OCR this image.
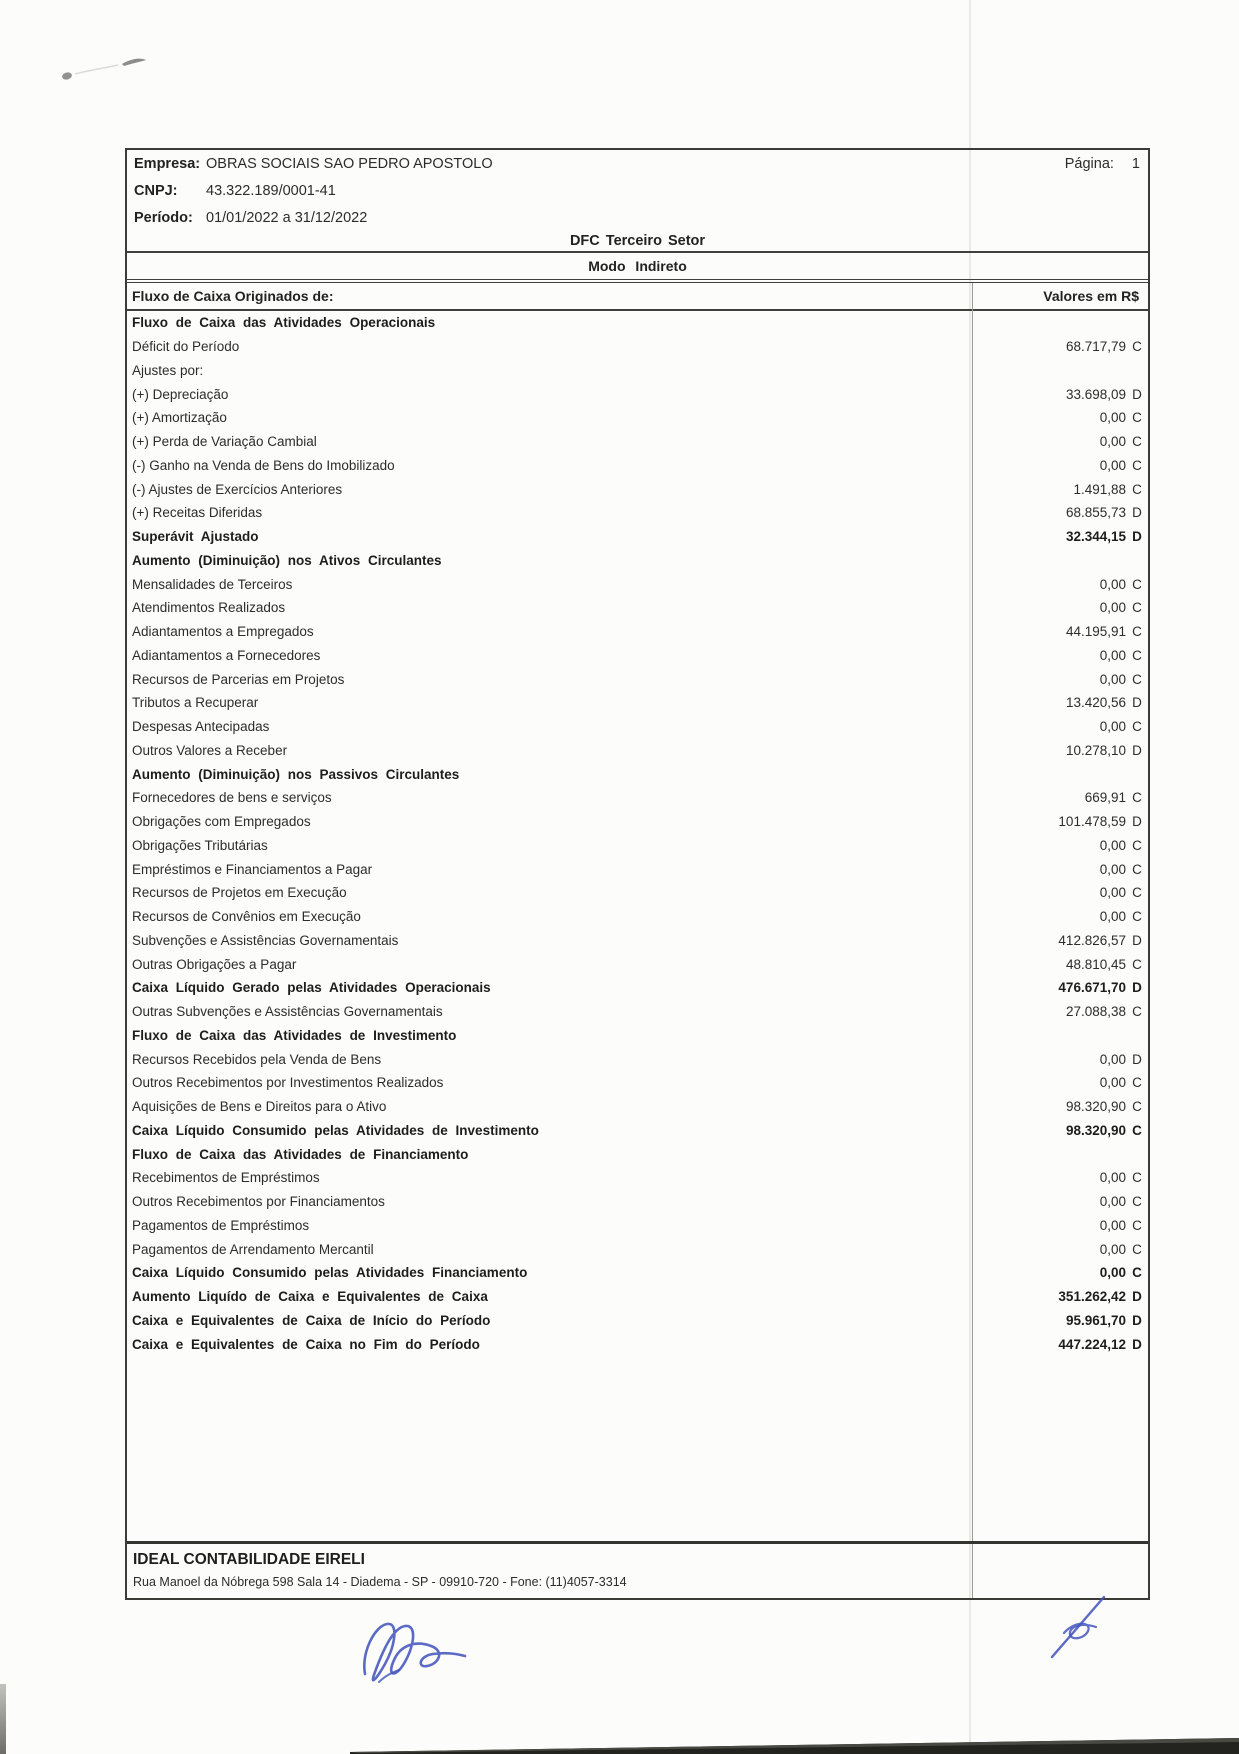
Empresa: OBRAS SOCIAIS SAO PEDRO APOSTOLO	Página: 1
CNPJ:	43.322.189/0001-41
Período: 01/01/2022 a 31/12/2022
DFC Terceiro Setor
Modo Indireto
Fluxo de Caixa Originados de:	Valores em R$
Fluxo de Caixa das Atividades Operacionais
Déficit do Período	68.717,79 C
Ajustes por:
(+) Depreciação	33.698,09 D
(+) Amortização	0,00 C
(+) Perda de Variação Cambial	0,00 C
(-) Ganho na Venda de Bens do Imobilizado	0,00 C
(-) Ajustes de Exercícios Anteriores	1.491,88 C
(+) Receitas Diferidas	68.855,73 D
Superávit Ajustado	32.344,15 D
Aumento (Diminuição) nos Ativos Circulantes
Mensalidades de Terceiros	0,00 C
Atendimentos Realizados	0,00 C
Adiantamentos a Empregados	44.195,91 C
Adiantamentos a Fornecedores	0,00 C
Recursos de Parcerias em Projetos	0,00 C
Tributos a Recuperar	13.420,56 D
Despesas Antecipadas	0,00 C
Outros Valores a Receber	10.278,10 D
Aumento (Diminuição) nos Passivos Circulantes
Fornecedores de bens e serviços	669,91 C
Obrigações com Empregados	101.478,59 D
Obrigações Tributárias	0,00 C
Empréstimos e Financiamentos a Pagar	0,00 C
Recursos de Projetos em Execução	0,00 C
Recursos de Convênios em Execução	0,00 C
Subvenções e Assistências Governamentais	412.826,57 D
Outras Obrigações a Pagar	48.810,45 C
Caixa Líquido Gerado pelas Atividades Operacionais	476.671,70 D
Outras Subvenções e Assistências Governamentais	27.088,38 C
Fluxo de Caixa das Atividades de Investimento
Recursos Recebidos pela Venda de Bens	0,00 D
Outros Recebimentos por Investimentos Realizados	0,00 C
Aquisições de Bens e Direitos para o Ativo	98.320,90 C
Caixa Líquido Consumido pelas Atividades de Investimento	98.320,90 C
Fluxo de Caixa das Atividades de Financiamento
Recebimentos de Empréstimos	0,00 C
Outros Recebimentos por Financiamentos	0,00 C
Pagamentos de Empréstimos	0,00 C
Pagamentos de Arrendamento Mercantil	0,00 C
Caixa Líquido Consumido pelas Atividades Financiamento	0,00 C
Aumento Liquído de Caixa e Equivalentes de Caixa	351.262,42 D
Caixa e Equivalentes de Caixa de Início do Período	95.961,70 D
Caixa e Equivalentes de Caixa no Fim do Período	447.224,12 D
IDEAL CONTABILIDADE EIRELI
Rua Manoel da Nóbrega 598 Sala 14 - Diadema - SP - 09910-720 - Fone: (11)4057-3314
